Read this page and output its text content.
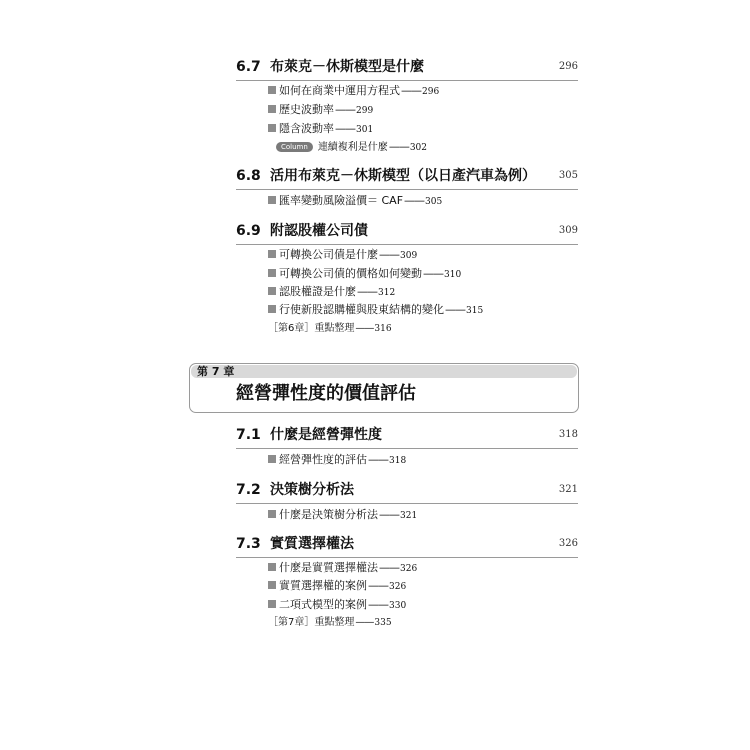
6.7 布萊克－休斯模型是什麼	296
如何在商業中運用方程式——296
歷史波動率——299
隱含波動率——301
Column 連續複利是什麼——302
6.8 活用布萊克－休斯模型（以日產汽車為例） 305
匯率變動風險溢價＝ CAF——305
6.9 附認股權公司債	309
可轉換公司債是什麼——309
可轉換公司債的價格如何變動——310
認股權證是什麼——312
行使新股認購權與股東結構的變化——315
［第6章］重點整理——316
第 7 章
經營彈性度的價值評估
7.1 什麼是經營彈性度	318
經營彈性度的評估——318
7.2 決策樹分析法	321
什麼是決策樹分析法——321
7.3 實質選擇權法	326
什麼是實質選擇權法——326
實質選擇權的案例——326
二項式模型的案例——330
［第7章］重點整理——335
